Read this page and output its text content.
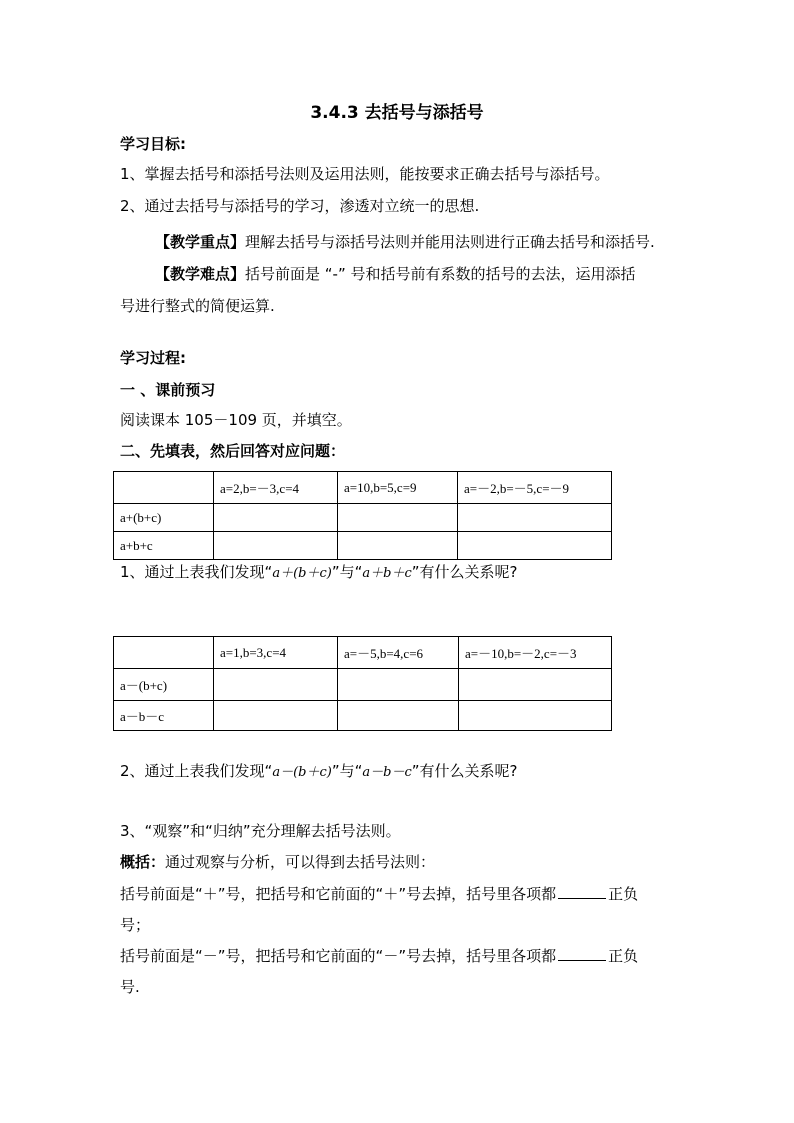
3.4.3 去括号与添括号
学习目标:
1、掌握去括号和添括号法则及运用法则，能按要求正确去括号与添括号。
2、通过去括号与添括号的学习，渗透对立统一的思想.
【教学重点】理解去括号与添括号法则并能用法则进行正确去括号和添括号.
【教学难点】括号前面是 “-” 号和括号前有系数的括号的去法，运用添括
号进行整式的简便运算.
学习过程:
一 、课前预习
阅读课本 105－109 页，并填空。
二、先填表，然后回答对应问题：
	a=2,b=－3,c=4	a=10,b=5,c=9	a=－2,b=－5,c=－9
a+(b+c)			
a+b+c			
1、通过上表我们发现“a＋(b＋c)”与“a＋b＋c”有什么关系呢?
	a=1,b=3,c=4	a=－5,b=4,c=6	a=－10,b=－2,c=－3
a－(b+c)			
a－b－c			
2、通过上表我们发现“a－(b＋c)”与“a－b－c”有什么关系呢?
3、“观察”和“归纳”充分理解去括号法则。
概括：通过观察与分析，可以得到去括号法则：
括号前面是“＋”号，把括号和它前面的“＋”号去掉，括号里各项都	正负
号；
括号前面是“－”号，把括号和它前面的“－”号去掉，括号里各项都	正负
号.
